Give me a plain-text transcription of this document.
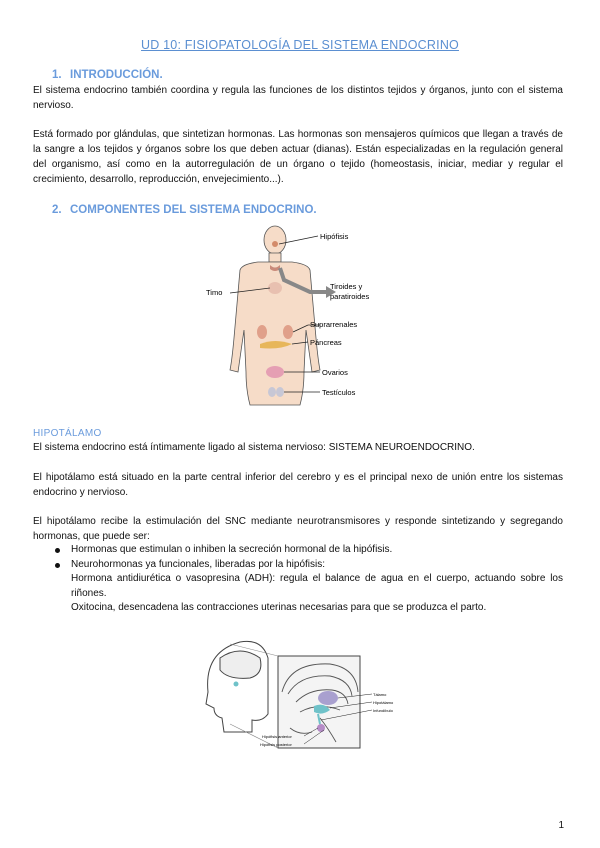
UD 10: FISIOPATOLOGÍA DEL SISTEMA ENDOCRINO
1. INTRODUCCIÓN.
El sistema endocrino también coordina y regula las funciones de los distintos tejidos y órganos, junto con el sistema nervioso.
Está formado por glándulas, que sintetizan hormonas. Las hormonas son mensajeros químicos que llegan a través de la sangre a los tejidos y órganos sobre los que deben actuar (dianas). Están especializadas en la regulación general del organismo, así como en la autorregulación de un órgano o tejido (homeostasis, iniciar, mediar y regular el crecimiento, desarrollo, reproducción, envejecimiento...).
2. COMPONENTES DEL SISTEMA ENDOCRINO.
Hipófisis
Timo
Tiroides y
paratiroides
Suprarrenales
Páncreas
Ovarios
Testículos
HIPOTÁLAMO
El sistema endocrino está íntimamente ligado al sistema nervioso: SISTEMA NEUROENDOCRINO.
El hipotálamo está situado en la parte central inferior del cerebro y es el principal nexo de unión entre los sistemas endocrino y nervioso.
El hipotálamo recibe la estimulación del SNC mediante neurotransmisores y responde sintetizando y segregando hormonas, que puede ser:
Hormonas que estimulan o inhiben la secreción hormonal de la hipófisis.
Neurohormonas ya funcionales, liberadas por la hipófisis:
Hormona antidiurética o vasopresina (ADH): regula el balance de agua en el cuerpo, actuando sobre los riñones.
Oxitocina, desencadena las contracciones uterinas necesarias para que se produzca el parto.
Tálamo
Hipotálamo
Infundíbulo
Hipófisis anterior
Hipófisis posterior
1
